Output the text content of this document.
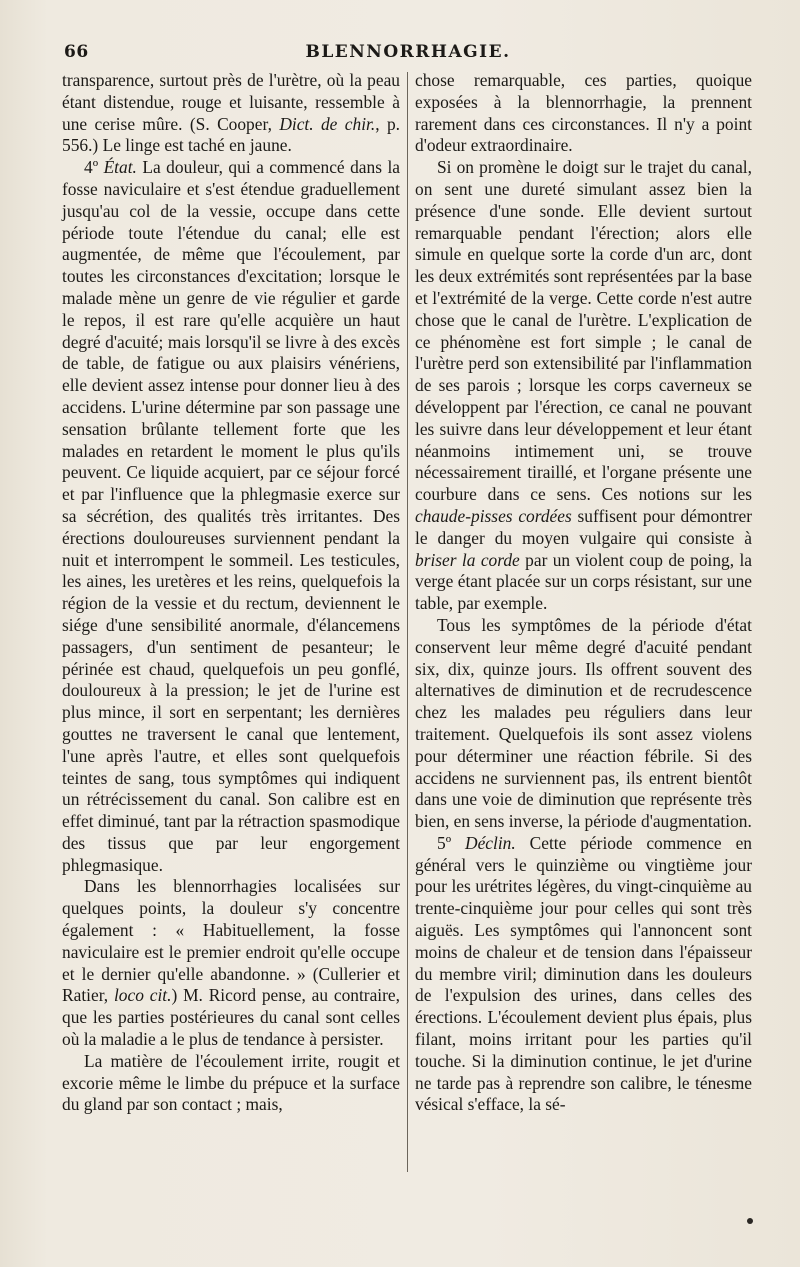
66	BLENNORRHAGIE.

transparence, surtout près de l'urètre, où la peau étant distendue, rouge et luisante, ressemble à une cerise mûre. (S. Cooper, Dict. de chir., p. 556.) Le linge est taché en jaune.

4º État. La douleur, qui a commencé dans la fosse naviculaire et s'est étendue graduellement jusqu'au col de la vessie, occupe dans cette période toute l'étendue du canal; elle est augmentée, de même que l'écoulement, par toutes les circonstances d'excitation; lorsque le malade mène un genre de vie régulier et garde le repos, il est rare qu'elle acquière un haut degré d'acuité; mais lorsqu'il se livre à des excès de table, de fatigue ou aux plaisirs vénériens, elle devient assez intense pour donner lieu à des accidens. L'urine détermine par son passage une sensation brûlante tellement forte que les malades en retardent le moment le plus qu'ils peuvent. Ce liquide acquiert, par ce séjour forcé et par l'influence que la phlegmasie exerce sur sa sécrétion, des qualités très irritantes. Des érections douloureuses surviennent pendant la nuit et interrompent le sommeil. Les testicules, les aines, les uretères et les reins, quelquefois la région de la vessie et du rectum, deviennent le siége d'une sensibilité anormale, d'élancemens passagers, d'un sentiment de pesanteur; le périnée est chaud, quelquefois un peu gonflé, douloureux à la pression; le jet de l'urine est plus mince, il sort en serpentant; les dernières gouttes ne traversent le canal que lentement, l'une après l'autre, et elles sont quelquefois teintes de sang, tous symptômes qui indiquent un rétrécissement du canal. Son calibre est en effet diminué, tant par la rétraction spasmodique des tissus que par leur engorgement phlegmasique.

Dans les blennorrhagies localisées sur quelques points, la douleur s'y concentre également : « Habituellement, la fosse naviculaire est le premier endroit qu'elle occupe et le dernier qu'elle abandonne. » (Cullerier et Ratier, loco cit.) M. Ricord pense, au contraire, que les parties postérieures du canal sont celles où la maladie a le plus de tendance à persister.

La matière de l'écoulement irrite, rougit et excorie même le limbe du prépuce et la surface du gland par son contact ; mais,

chose remarquable, ces parties, quoique exposées à la blennorrhagie, la prennent rarement dans ces circonstances. Il n'y a point d'odeur extraordinaire.

Si on promène le doigt sur le trajet du canal, on sent une dureté simulant assez bien la présence d'une sonde. Elle devient surtout remarquable pendant l'érection; alors elle simule en quelque sorte la corde d'un arc, dont les deux extrémités sont représentées par la base et l'extrémité de la verge. Cette corde n'est autre chose que le canal de l'urètre. L'explication de ce phénomène est fort simple ; le canal de l'urètre perd son extensibilité par l'inflammation de ses parois ; lorsque les corps caverneux se développent par l'érection, ce canal ne pouvant les suivre dans leur développement et leur étant néanmoins intimement uni, se trouve nécessairement tiraillé, et l'organe présente une courbure dans ce sens. Ces notions sur les chaude-pisses cordées suffisent pour démontrer le danger du moyen vulgaire qui consiste à briser la corde par un violent coup de poing, la verge étant placée sur un corps résistant, sur une table, par exemple.

Tous les symptômes de la période d'état conservent leur même degré d'acuité pendant six, dix, quinze jours. Ils offrent souvent des alternatives de diminution et de recrudescence chez les malades peu réguliers dans leur traitement. Quelquefois ils sont assez violens pour déterminer une réaction fébrile. Si des accidens ne surviennent pas, ils entrent bientôt dans une voie de diminution que représente très bien, en sens inverse, la période d'augmentation.

5º Déclin. Cette période commence en général vers le quinzième ou vingtième jour pour les urétrites légères, du vingt-cinquième au trente-cinquième jour pour celles qui sont très aiguës. Les symptômes qui l'annoncent sont moins de chaleur et de tension dans l'épaisseur du membre viril; diminution dans les douleurs de l'expulsion des urines, dans celles des érections. L'écoulement devient plus épais, plus filant, moins irritant pour les parties qu'il touche. Si la diminution continue, le jet d'urine ne tarde pas à reprendre son calibre, le ténesme vésical s'efface, la sé-
